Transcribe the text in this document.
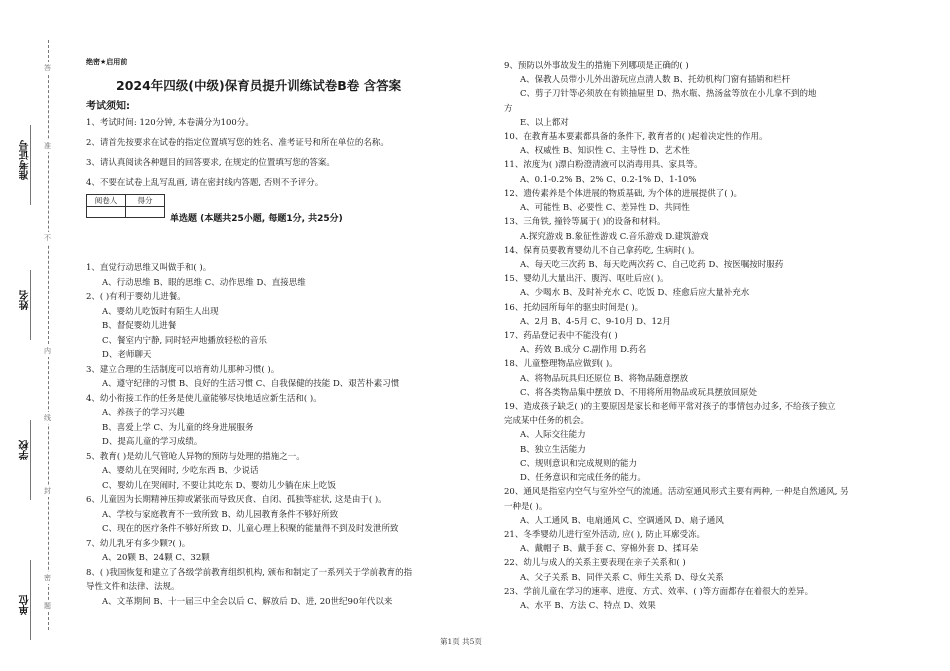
准考证号
姓名
学校
单位
答
准
不
内
线
封
密
题
绝密★启用前
2024年四级(中级)保育员提升训练试卷B卷 含答案
考试须知:
1、考试时间: 120分钟, 本卷满分为100分。
2、请首先按要求在试卷的指定位置填写您的姓名、准考证号和所在单位的名称。
3、请认真阅读各种题目的回答要求, 在规定的位置填写您的答案。
4、不要在试卷上乱写乱画, 请在密封线内答题, 否则不予评分。
阅卷人	得分

单选题 (本题共25小题, 每题1分, 共25分)
1、直觉行动思维又叫做手和( )。
A、行动思维 B、眼的思维 C、动作思维 D、直接思维
2、( )有利于婴幼儿进餐。
A、婴幼儿吃饭时有陌生人出现
B、督促婴幼儿进餐
C、餐室内宁静, 同时轻声地播放轻松的音乐
D、老师聊天
3、建立合理的生活制度可以培育幼儿那种习惯( )。
A、遵守纪律的习惯 B、良好的生活习惯 C、自我保健的技能 D、艰苦朴素习惯
4、幼小衔接工作的任务是使儿童能够尽快地适应新生活和( )。
A、养孩子的学习兴趣
B、喜爱上学 C、为儿童的终身进展服务
D、提高儿童的学习成绩。
5、教育( )是幼儿气管呛人异物的预防与处理的措施之一。
A、婴幼儿在哭闹时, 少吃东西 B、少说话
C、婴幼儿在哭闹时, 不要让其吃东 D、婴幼儿少躺在床上吃饭
6、儿童因为长期精神压抑或紧张而导致厌食、自闭、孤独等症状, 这是由于( )。
A、学校与家庭教育不一致所致 B、幼儿园教育条件不够好所致
C、现在的医疗条件不够好所致 D、儿童心理上积聚的能量得不到及时发泄所致
7、幼儿乳牙有多少颗?( )。
A、20颗 B、24颗 C、32颗
8、( )我国恢复和建立了各级学前教育组织机构, 颁布和制定了一系列关于学前教育的指
导性文件和法律、法规。
A、文革期间 B、十一届三中全会以后 C、解放后 D、进, 20世纪90年代以来
9、预防以外事故发生的措施下列哪项是正确的( )
A、保教人员带小儿外出游玩应点清人数 B、托幼机构门窗有插销和栏杆
C、剪子刀针等必须放在有锁抽屉里 D、热水瓶、热汤盆等放在小儿拿不到的地
方
E、以上都对
10、在教育基本要素都具备的条件下, 教育者的( )起着决定性的作用。
A、权威性 B、知识性 C、主导性 D、艺术性
11、浓度为( )漂白粉澄清液可以消毒用具、家具等。
A、0.1-0.2% B、2% C、0.2-1% D、1-10%
12、遗传素养是个体进展的物质基础, 为个体的进展提供了( )。
A、可能性 B、必要性 C、差异性 D、共同性
13、三角铁, 撞铃等属于( )的设备和材料。
A.探究游戏 B.象征性游戏 C.音乐游戏 D.建筑游戏
14、保育员要教育婴幼儿不自己拿药吃, 生病时( )。
A、每天吃三次药 B、每天吃两次药 C、自己吃药 D、按医嘱按时服药
15、婴幼儿大量出汗、腹泻、呕吐后应( )。
A、少喝水 B、及时补充水 C、吃饭 D、痊愈后应大量补充水
16、托幼园所每年的驱虫时间是( )。
A、2月 B、4-5月 C、9-10月 D、12月
17、药品登记表中不能没有( )
A、药效 B.成分 C.副作用 D.药名
18、儿童整理物品应做到( )。
A、将物品玩具归还原位 B、将物品随意摆放
C、将各类物品集中摆放 D、不用将所用物品或玩具摆放回原处
19、造成孩子缺乏( )的主要原因是家长和老师平常对孩子的事情包办过多, 不给孩子独立
完成某中任务的机会。
A、人际交往能力
B、独立生活能力
C、规则意识和完成规则的能力
D、任务意识和完成任务的能力。
20、通风是指室内空气与室外空气的流通。活动室通风形式主要有两种, 一种是自然通风, 另
一种是( )。
A、人工通风 B、电扇通风 C、空调通风 D、扇子通风
21、冬季婴幼儿进行室外活动, 应( ), 防止耳廓受冻。
A、戴帽子 B、戴手套 C、穿棉外套 D、揉耳朵
22、幼儿与成人的关系主要表现在亲子关系和( )
A、父子关系 B、同伴关系 C、师生关系 D、母女关系
23、学前儿童在学习的速率、进度、方式、效率、( )等方面都存在着很大的差异。
A、水平 B、方法 C、特点 D、效果
第1页 共5页
